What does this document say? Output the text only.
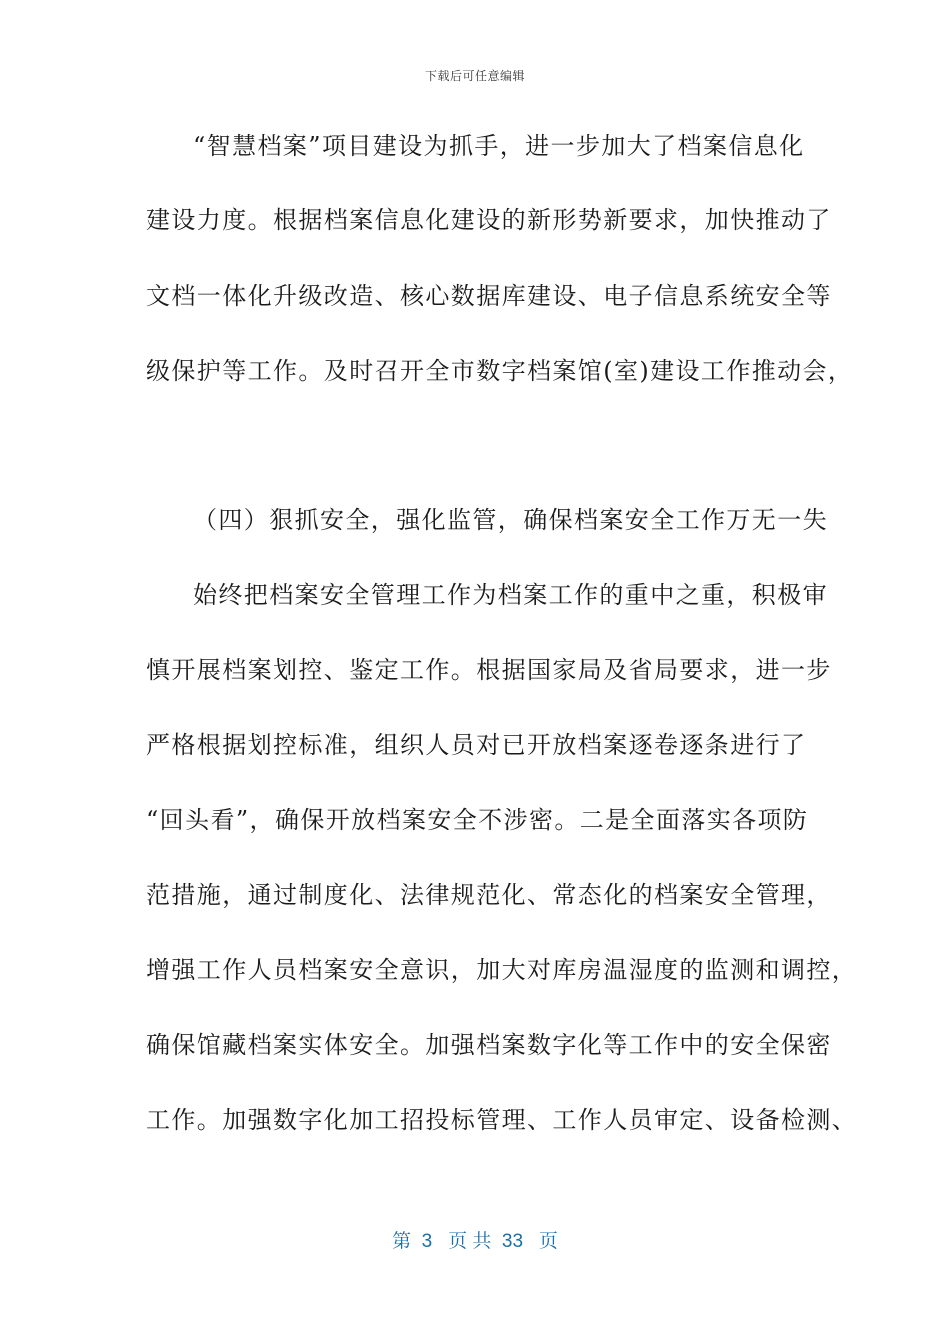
下载后可任意编辑
“智慧档案”项目建设为抓手，进一步加大了档案信息化
建设力度。根据档案信息化建设的新形势新要求，加快推动了
文档一体化升级改造、核心数据库建设、电子信息系统安全等
级保护等工作。及时召开全市数字档案馆(室)建设工作推动会，
（四）狠抓安全，强化监管，确保档案安全工作万无一失
始终把档案安全管理工作为档案工作的重中之重，积极审
慎开展档案划控、鉴定工作。根据国家局及省局要求，进一步
严格根据划控标准，组织人员对已开放档案逐卷逐条进行了
“回头看”，确保开放档案安全不涉密。二是全面落实各项防
范措施，通过制度化、法律规范化、常态化的档案安全管理，
增强工作人员档案安全意识，加大对库房温湿度的监测和调控，
确保馆藏档案实体安全。加强档案数字化等工作中的安全保密
工作。加强数字化加工招投标管理、工作人员审定、设备检测、
第 3 页 共 33 页
